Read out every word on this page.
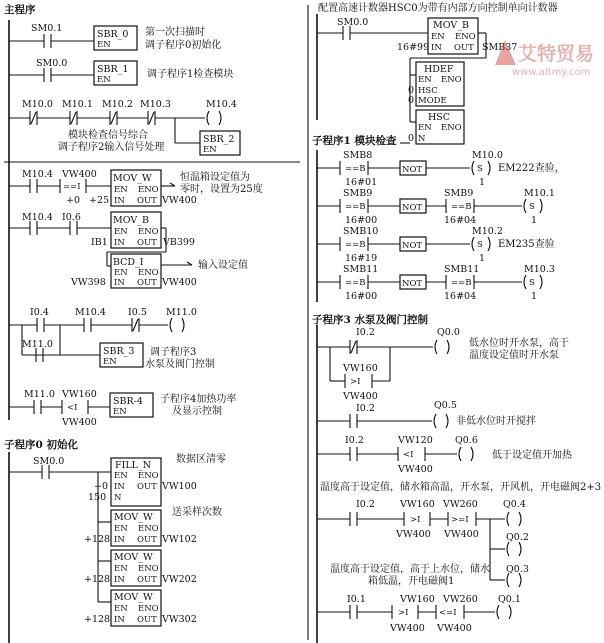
主程序
SM0.1
SBR_0
EN
第一次扫描时
调子程序0初始化
SM0.0
SBR_1
EN	调子程序1检查模块
M10.0 M10.1 M10.2 M10.3	M10.4
SBR_2
EN
模块检查信号综合
调子程序2输入信号处理
M10.4 VW400
==I
+0
MOV_W
EN ENO
IN OUT
+25	VW400
恒温箱设定值为
零时，设置为25度
M10.4 I0.6	MOV_B
EN ENO
IN OUT
IB1	VB399
BCD_I
EN ENO
IN OUT
VW398	VW400
输入设定值
I0.4	M10.4 I0.5 M11.0
M11.0
SBR_3
EN
调子程序3
水泵及阀门控制
M11.0 VW160
<I
VW400
SBR-4
EN
子程序4加热功率
及显示控制
子程序0 初始化
SM0.0	FILL_N
EN ENO
IN OUT
N
+0
150
VW100
数据区清零
MOV_W
EN ENO
IN OUT
+128	VW102
送采样次数
MOV_W
EN ENO
IN OUT
+128	VW202
MOV_W
EN ENO
IN OUT
+128	VW302
配置高速计数器HSC0为带有内部方向控制单向计数器
SM0.0	MOV_B
EN ENO
IN OUT
16#99	SMB37
HDEF
EN ENO
HSC
MODE
0
0
HSC
EN ENO
N
0
艾特贸易
www.aitmy.com
子程序1 模块检查
SMB8
==B
16#01
NOT	S
M10.0
1
EM222查验，
SMB9
==B
16#00
NOT
SMB9
==B
16#04
S
M10.1
1
SMB10
==B
16#19
NOT	S
M10.2
1
EM235查验
SMB11
==B
16#00
NOT
SMB11
==B
16#04
S
M10.3
1
子程序3 水泵及阀门控制
I0.2	Q0.0
VW160
>I
VW400
低水位时开水泵，高于
温度设定值时开水泵
I0.2	Q0.5
非低水位时开搅拌
I0.2	VW120 Q0.6
<I
VW400
低于设定值开加热
温度高于设定值，储水箱高温，开水泵，开风机，开电磁阀2+3
I0.2	VW160 VW260	Q0.4
>I
VW400
>=I
VW400	Q0.2
Q0.3
温度高于设定值，高于上水位，储水
箱低温，开电磁阀1
I0.1	VW160 VW260 Q0.1
>I
VW400
<=I
VW400
